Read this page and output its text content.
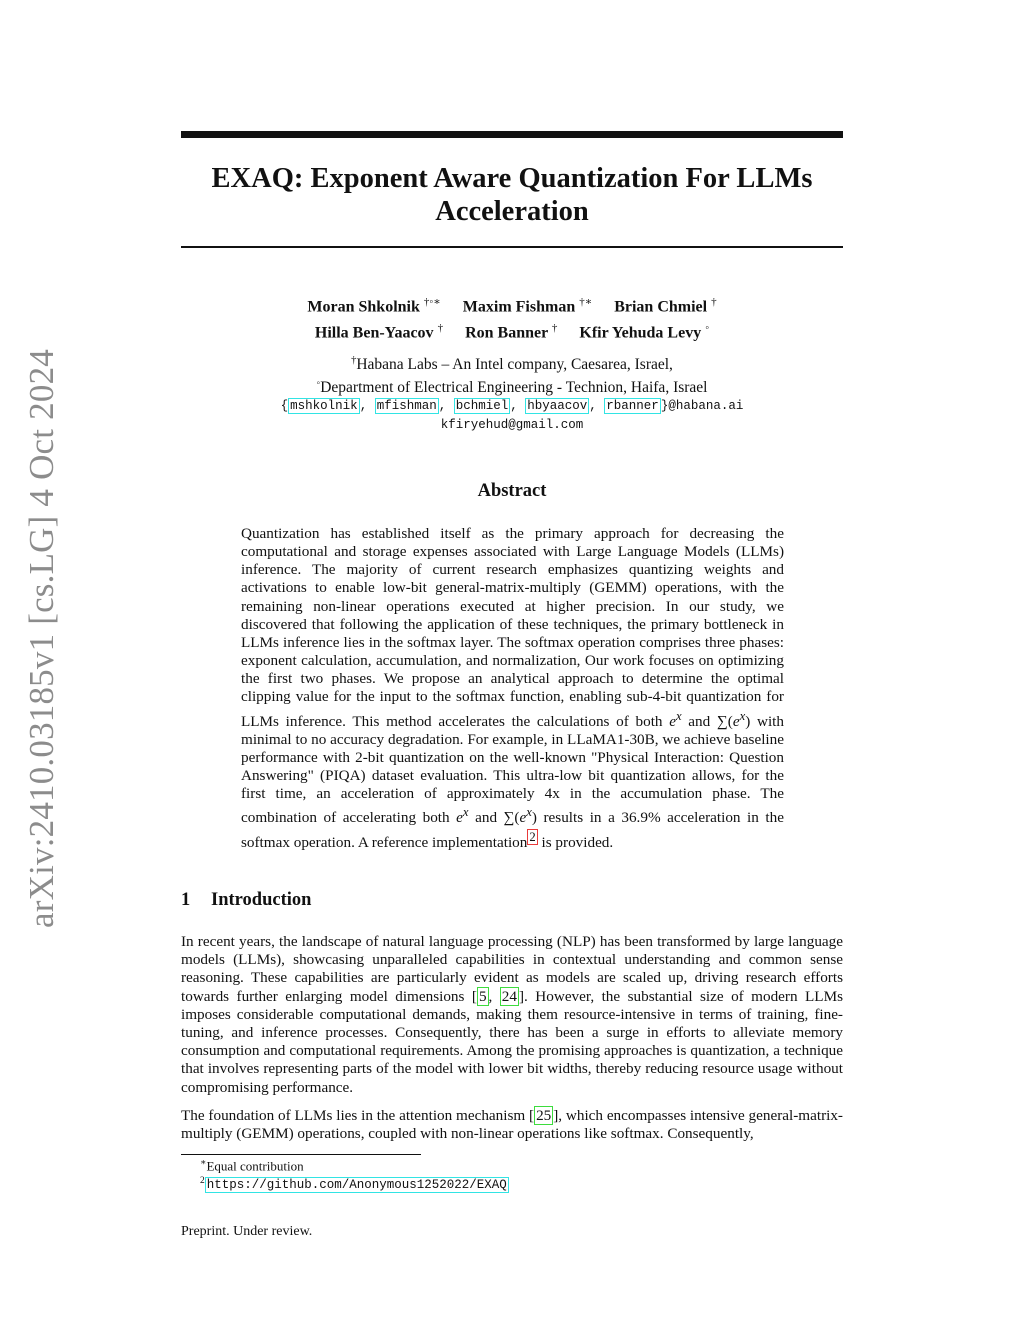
arXiv:2410.03185v1 [cs.LG] 4 Oct 2024
EXAQ: Exponent Aware Quantization For LLMs
Acceleration
Moran Shkolnik †◦∗ Maxim Fishman †∗ Brian Chmiel †
Hilla Ben-Yaacov † Ron Banner † Kfir Yehuda Levy ◦
†Habana Labs – An Intel company, Caesarea, Israel,
◦Department of Electrical Engineering - Technion, Haifa, Israel
{ mshkolnik , mfishman , bchmiel , hbyaacov , rbanner }@habana.ai
kfiryehud@gmail.com
Abstract

Quantization has established itself as the primary approach for decreasing the computational and storage expenses associated with Large Language Models (LLMs) inference. The majority of current research emphasizes quantizing weights and activations to enable low-bit general-matrix-multiply (GEMM) operations, with the remaining non-linear operations executed at higher precision. In our study, we discovered that following the application of these techniques, the primary bottleneck in LLMs inference lies in the softmax layer. The softmax operation comprises three phases: exponent calculation, accumulation, and normalization, Our work focuses on optimizing the first two phases. We propose an analytical approach to determine the optimal clipping value for the input to the softmax function, enabling sub-4-bit quantization for LLMs inference. This method accelerates the calculations of both $e^x$ and $\sum(e^x)$ with minimal to no accuracy degradation. For example, in LLaMA1-30B, we achieve baseline performance with 2-bit quantization on the well-known "Physical Interaction: Question Answering" (PIQA) dataset evaluation. This ultra-low bit quantization allows, for the first time, an acceleration of approximately 4x in the accumulation phase. The combination of accelerating both $e^x$ and $\sum(e^x)$ results in a 36.9% acceleration in the softmax operation. A reference implementation $^2$ is provided.

1 Introduction

In recent years, the landscape of natural language processing (NLP) has been transformed by large language models (LLMs), showcasing unparalleled capabilities in contextual understanding and common sense reasoning. These capabilities are particularly evident as models are scaled up, driving research efforts towards further enlarging model dimensions [ 5 , 24 ]. However, the substantial size of modern LLMs imposes considerable computational demands, making them resource-intensive in terms of training, fine-tuning, and inference processes. Consequently, there has been a surge in efforts to alleviate memory consumption and computational requirements. Among the promising approaches is quantization, a technique that involves representing parts of the model with lower bit widths, thereby reducing resource usage without compromising performance.

The foundation of LLMs lies in the attention mechanism [ 25 ], which encompasses intensive general-matrix-multiply (GEMM) operations, coupled with non-linear operations like softmax. Consequently,

∗Equal contribution
$^2$ https://github.com/Anonymous1252022/EXAQ
Preprint. Under review.
